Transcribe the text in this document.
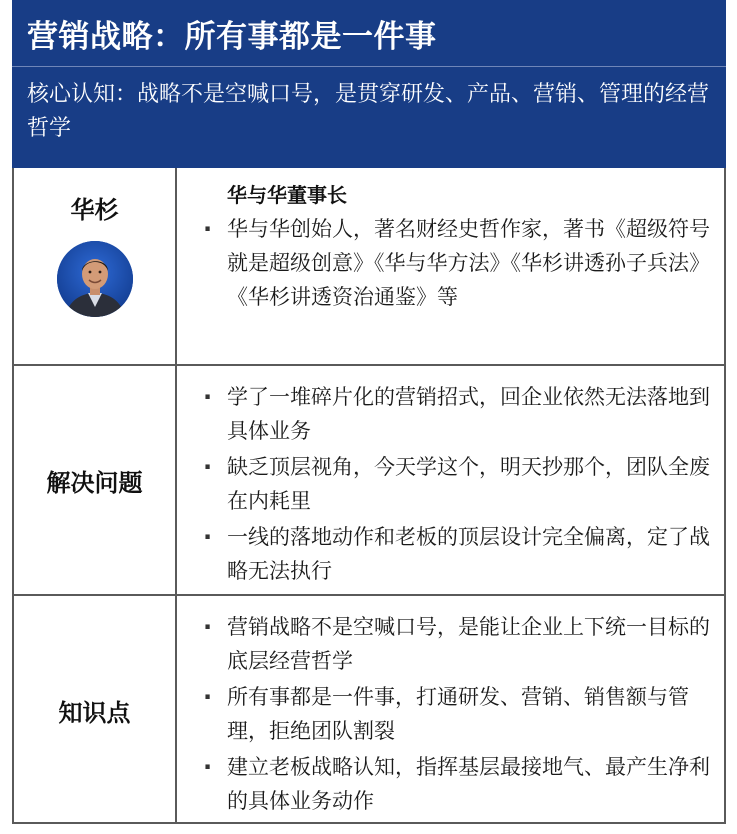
营销战略：所有事都是一件事
核心认知：战略不是空喊口号，是贯穿研发、产品、营销、管理的经营哲学
华杉
华与华董事长
· 华与华创始人，著名财经史哲作家，著书《超级符号就是超级创意》《华与华方法》《华杉讲透孙子兵法》《华杉讲透资治通鉴》等
解决问题
· 学了一堆碎片化的营销招式，回企业依然无法落地到具体业务
· 缺乏顶层视角，今天学这个，明天抄那个，团队全废在内耗里
· 一线的落地动作和老板的顶层设计完全偏离，定了战略无法执行
知识点
· 营销战略不是空喊口号，是能让企业上下统一目标的底层经营哲学
· 所有事都是一件事，打通研发、营销、销售额与管理，拒绝团队割裂
· 建立老板战略认知，指挥基层最接地气、最产生净利的具体业务动作
